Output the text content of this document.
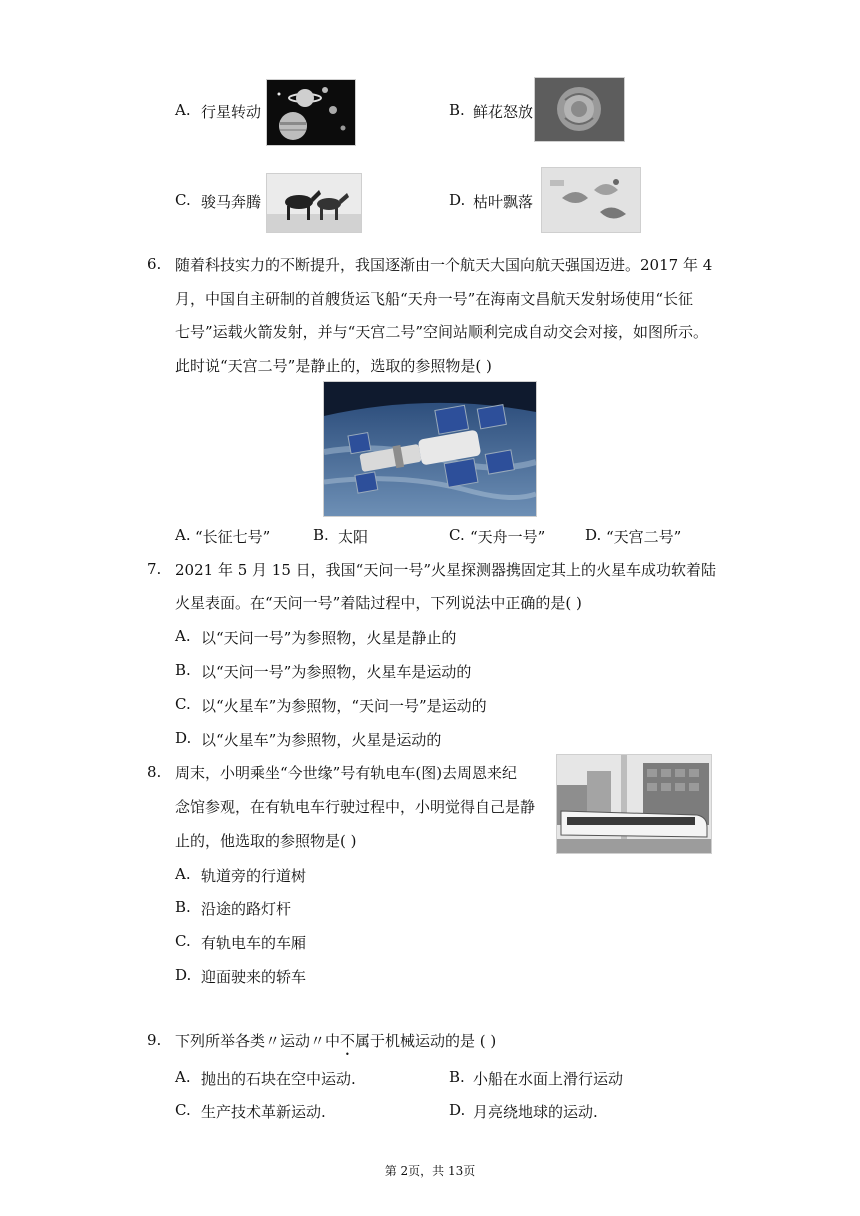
A. 行星转动	B. 鲜花怒放
C. 骏马奔腾	D. 枯叶飘落
6. 随着科技实力的不断提升，我国逐渐由一个航天大国向航天强国迈进。2017 年 4
月，中国自主研制的首艘货运飞船“天舟一号”在海南文昌航天发射场使用“长征
七号”运载火箭发射，并与“天宫二号”空间站顺利完成自动交会对接，如图所示。
此时说“天宫二号”是静止的，选取的参照物是( )
A. “长征七号”	B. 太阳	C. “天舟一号”	D. “天宫二号”
7. 2021 年 5 月 15 日，我国“天问一号”火星探测器携固定其上的火星车成功软着陆
火星表面。在“天问一号”着陆过程中，下列说法中正确的是( )
A. 以“天问一号”为参照物，火星是静止的
B. 以“天问一号”为参照物，火星车是运动的
C. 以“火星车”为参照物，“天问一号”是运动的
D. 以“火星车”为参照物，火星是运动的
8. 周末，小明乘坐“今世缘”号有轨电车(图)去周恩来纪
念馆参观，在有轨电车行驶过程中，小明觉得自己是静
止的，他选取的参照物是( )
A. 轨道旁的行道树
B. 沿途的路灯杆
C. 有轨电车的车厢
D. 迎面驶来的轿车
9. 下列所举各类〃运动〃中不属于机械运动的是 ( )
A. 抛出的石块在空中运动.	B. 小船在水面上滑行运动
C. 生产技术革新运动.	D. 月亮绕地球的运动.
第 2页，共 13页
